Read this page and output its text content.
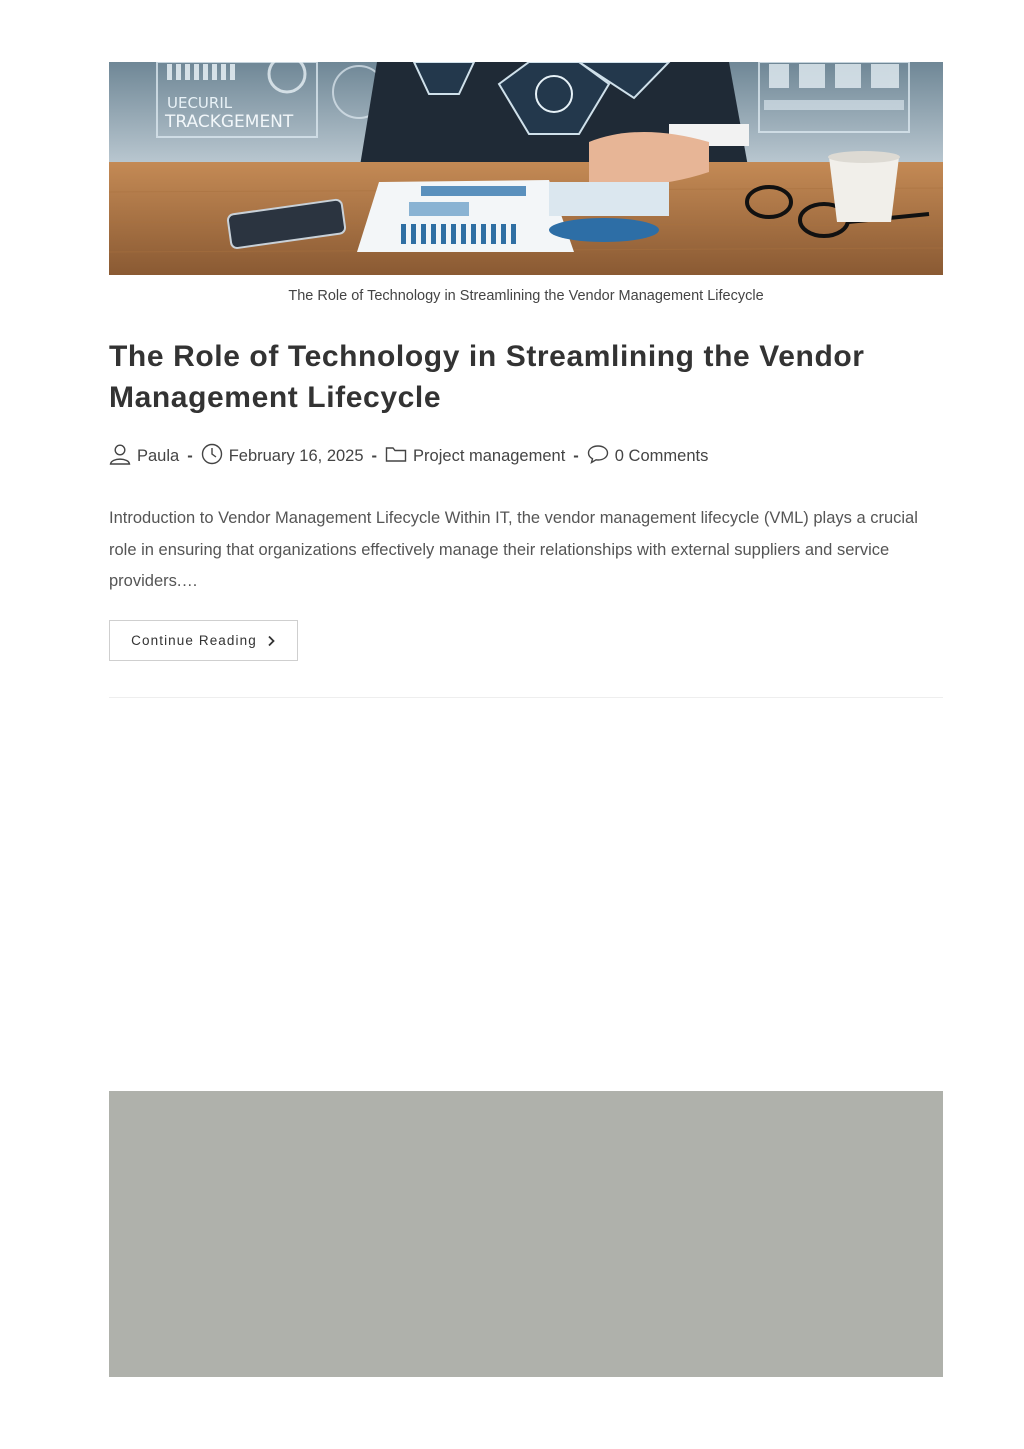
UECURIL
TRACKGEMENT
The Role of Technology in Streamlining the Vendor Management Lifecycle
The Role of Technology in Streamlining the Vendor Management Lifecycle
Paula - February 16, 2025 - Project management - 0 Comments

Introduction to Vendor Management Lifecycle Within IT, the vendor management lifecycle (VML) plays a crucial role in ensuring that organizations effectively manage their relationships with external suppliers and service providers.…

Continue Reading
